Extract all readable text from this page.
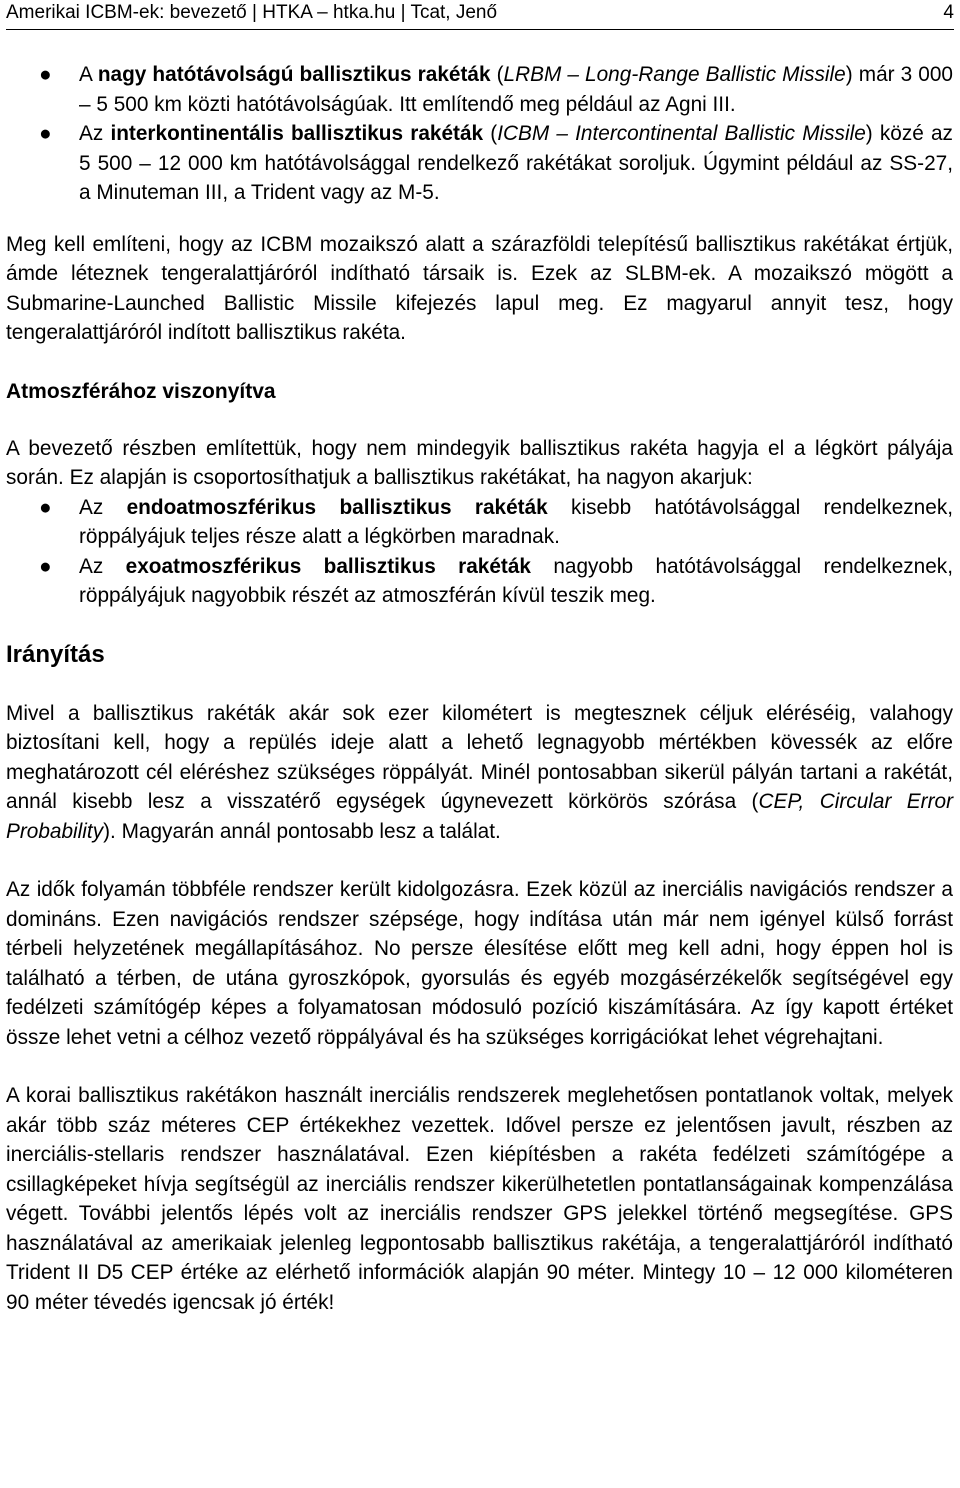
Amerikai ICBM-ek: bevezető | HTKA – htka.hu | Tcat, Jenő	4
● A nagy hatótávolságú ballisztikus rakéták (LRBM – Long-Range Ballistic Missile) már 3 000 – 5 500 km közti hatótávolságúak. Itt említendő meg például az Agni III.
● Az interkontinentális ballisztikus rakéták (ICBM – Intercontinental Ballistic Missile) közé az 5 500 – 12 000 km hatótávolsággal rendelkező rakétákat soroljuk. Úgymint például az SS-27, a Minuteman III, a Trident vagy az M-5.

Meg kell említeni, hogy az ICBM mozaikszó alatt a szárazföldi telepítésű ballisztikus rakétákat értjük, ámde léteznek tengeralattjáróról indítható társaik is. Ezek az SLBM-ek. A mozaikszó mögött a Submarine-Launched Ballistic Missile kifejezés lapul meg. Ez magyarul annyit tesz, hogy tengeralattjáróról indított ballisztikus rakéta.

Atmoszférához viszonyítva

A bevezető részben említettük, hogy nem mindegyik ballisztikus rakéta hagyja el a légkört pályája során. Ez alapján is csoportosíthatjuk a ballisztikus rakétákat, ha nagyon akarjuk:

● Az endoatmoszférikus ballisztikus rakéták kisebb hatótávolsággal rendelkeznek, röppályájuk teljes része alatt a légkörben maradnak.
● Az exoatmoszférikus ballisztikus rakéták nagyobb hatótávolsággal rendelkeznek, röppályájuk nagyobbik részét az atmoszférán kívül teszik meg.
Irányítás

Mivel a ballisztikus rakéták akár sok ezer kilométert is megtesznek céljuk eléréséig, valahogy biztosítani kell, hogy a repülés ideje alatt a lehető legnagyobb mértékben kövessék az előre meghatározott cél eléréshez szükséges röppályát. Minél pontosabban sikerül pályán tartani a rakétát, annál kisebb lesz a visszatérő egységek úgynevezett körkörös szórása (CEP, Circular Error Probability). Magyarán annál pontosabb lesz a találat.

Az idők folyamán többféle rendszer került kidolgozásra. Ezek közül az inerciális navigációs rendszer a domináns. Ezen navigációs rendszer szépsége, hogy indítása után már nem igényel külső forrást térbeli helyzetének megállapításához. No persze élesítése előtt meg kell adni, hogy éppen hol is található a térben, de utána gyroszkópok, gyorsulás és egyéb mozgásérzékelők segítségével egy fedélzeti számítógép képes a folyamatosan módosuló pozíció kiszámítására. Az így kapott értéket össze lehet vetni a célhoz vezető röppályával és ha szükséges korrigációkat lehet végrehajtani.

A korai ballisztikus rakétákon használt inerciális rendszerek meglehetősen pontatlanok voltak, melyek akár több száz méteres CEP értékekhez vezettek. Idővel persze ez jelentősen javult, részben az inerciális-stellaris rendszer használatával. Ezen kiépítésben a rakéta fedélzeti számítógépe a csillagképeket hívja segítségül az inerciális rendszer kikerülhetetlen pontatlanságainak kompenzálása végett. További jelentős lépés volt az inerciális rendszer GPS jelekkel történő megsegítése. GPS használatával az amerikaiak jelenleg legpontosabb ballisztikus rakétája, a tengeralattjáróról indítható Trident II D5 CEP értéke az elérhető információk alapján 90 méter. Mintegy 10 – 12 000 kilométeren 90 méter tévedés igencsak jó érték!
